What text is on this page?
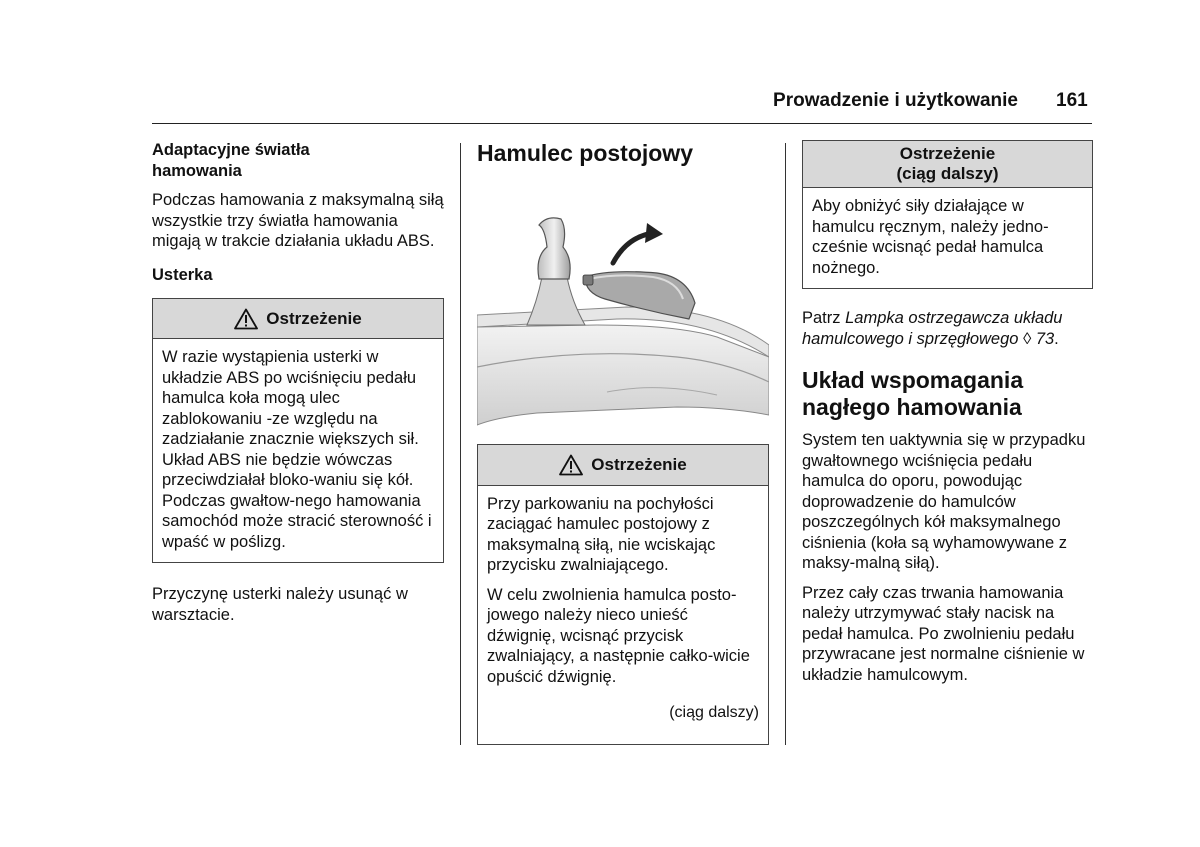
Prowadzenie i użytkowanie 161

Adaptacyjne światła hamowania

Podczas hamowania z maksymalną siłą wszystkie trzy światła hamowania migają w trakcie działania układu ABS.

Usterka

Ostrzeżenie

W razie wystąpienia usterki w układzie ABS po wciśnięciu pedału hamulca koła mogą ulec zablokowaniu -ze względu na zadziałanie znacznie większych sił. Układ ABS nie będzie wówczas przeciwdziałał bloko-waniu się kół. Podczas gwałtow-nego hamowania samochód może stracić sterowność i wpaść w poślizg.

Przyczynę usterki należy usunąć w warsztacie.

Hamulec postojowy

Ostrzeżenie

Przy parkowaniu na pochyłości zaciągać hamulec postojowy z maksymalną siłą, nie wciskając przycisku zwalniającego.

W celu zwolnienia hamulca posto-jowego należy nieco unieść dźwignię, wcisnąć przycisk zwalniający, a następnie całko-wicie opuścić dźwignię.

(ciąg dalszy)

Ostrzeżenie
(ciąg dalszy)

Aby obniżyć siły działające w hamulcu ręcznym, należy jedno-cześnie wcisnąć pedał hamulca nożnego.

Patrz Lampka ostrzegawcza układu hamulcowego i sprzęgłowego ◊ 73.

Układ wspomagania nagłego hamowania

System ten uaktywnia się w przypadku gwałtownego wciśnięcia pedału hamulca do oporu, powodując doprowadzenie do hamulców poszczególnych kół maksymalnego ciśnienia (koła są wyhamowywane z maksy-malną siłą).

Przez cały czas trwania hamowania należy utrzymywać stały nacisk na pedał hamulca. Po zwolnieniu pedału przywracane jest normalne ciśnienie w układzie hamulcowym.
